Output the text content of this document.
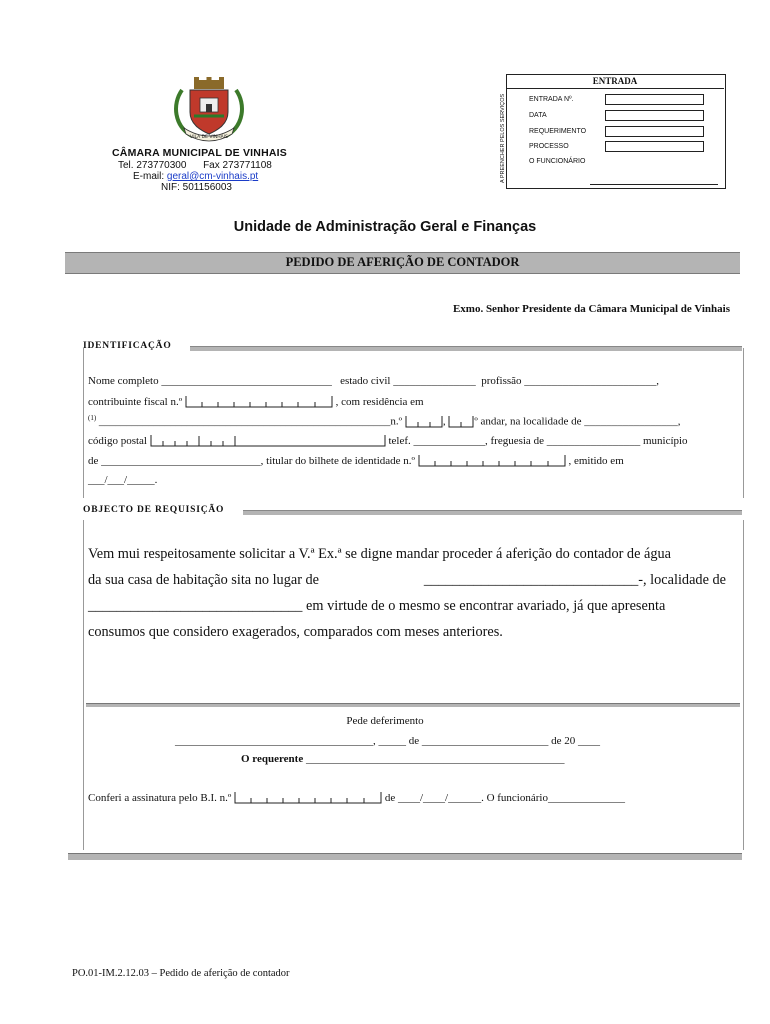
VILA DE VINHAIS
CÂMARA MUNICIPAL DE VINHAIS
Tel. 273770300      Fax 273771108
E-mail: geral@cm-vinhais.pt
NIF: 501156003
ENTRADA
A PREENCHER PELOS SERVIÇOS	ENTRADA Nº.
DATA
REQUERIMENTO
PROCESSO
O FUNCIONÁRIO
Unidade de Administração Geral e Finanças
PEDIDO DE AFERIÇÃO DE CONTADOR
Exmo. Senhor Presidente da Câmara Municipal de Vinhais
IDENTIFICAÇÃO
Nome completo _______________________________ estado civil _______________ profissão ________________________,
contribuinte fiscal n.º	, com residência em
$^{(1)}$ _____________________________________________________n.º	,	º andar, na localidade de _________________,
código postal	telef. _____________, freguesia de _________________ município
de _____________________________, titular do bilhete de identidade n.º	, emitido em
___/___/_____.
OBJECTO DE REQUISIÇÃO
Vem mui respeitosamente solicitar a V.ª Ex.ª se digne mandar proceder á aferição do contador de água
da sua casa de habitação sita no lugar de	______________________________-, localidade de
______________________________ em virtude de o mesmo se encontrar avariado, já que apresenta
consumos que considero exagerados, comparados com meses anteriores.
Pede deferimento
____________________________________, _____ de _______________________ de 20 ____
O requerente _______________________________________________
Conferi a assinatura pelo B.I. n.º	de ____/____/______. O funcionário______________
PO.01-IM.2.12.03 – Pedido de aferição de contador
